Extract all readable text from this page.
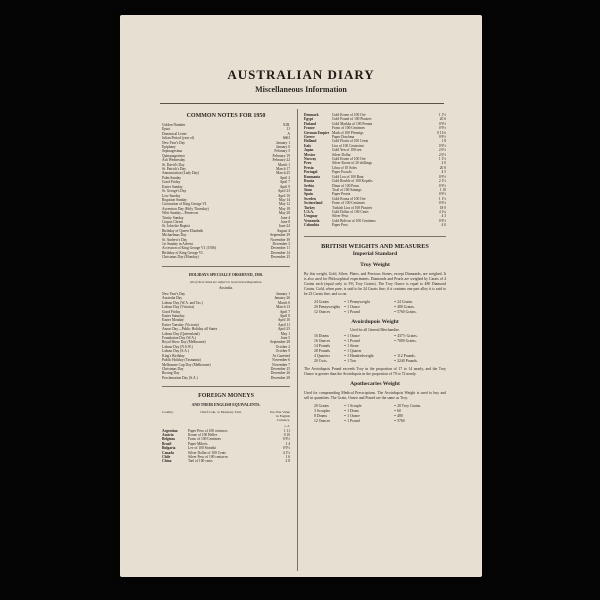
AUSTRALIAN DIARY
Miscellaneous Information
COMMON NOTES FOR 1950
Golden Number	XIII.
Epact	11
Dominical Letter	A
Julian Period (year of)	6663
New Year's Day	January 1
Epiphany	January 6
Septuagesima	February 5
Quinquagesima	February 19
Ash Wednesday	February 22
St. David's Day	March 1
St. Patrick's Day	March 17
Annunciation (Lady Day)	March 25
Palm Sunday	April 2
Good Friday	April 7
Easter Sunday	April 9
St. George's Day	April 23
Low Sunday	April 16
Rogation Sunday	May 14
Coronation of King George VI.	May 12
Ascension Day (Holy Thursday)	May 18
Whit Sunday—Pentecost	May 28
Trinity Sunday	June 4
Corpus Christi	June 8
St. John the Baptist	June 24
Birthday of Queen Elizabeth	August 4
Michaelmas Day	September 29
St. Andrew's Day	November 30
1st Sunday in Advent	December 3
Accession of King George VI. (1936)	December 11
Birthday of King George VI.	December 14
Christmas Day (Monday)	December 25
HOLIDAYS SPECIALLY OBSERVED, 1950.
All of these listed are subject to Government Regulation.
Australia.
New Year's Day	January 1
Australia Day	January 26
Labour Day (W.A. and Tas.)	March 6
Labour Day (Victoria)	March 13
Good Friday	April 7
Easter Saturday	April 8
Easter Monday	April 10
Easter Tuesday (Victoria)	April 11
Anzac Day—Public Holiday all States	April 25
Labour Day (Queensland)	May 1
Foundation Day (W.A.)	June 5
Royal Show Day (Melbourne)	September 28
Labour Day (N.S.W.)	October 2
Labour Day (S.A.)	October 9
King's Birthday	As Gazetted
Public Holiday (Tasmania)	November 6
Melbourne Cup Day (Melbourne)	November 7
Christmas Day	December 25
Boxing Day	December 26
Proclamation Day (S.A.)	December 28
FOREIGN MONEYS
AND THEIR ENGLISH EQUIVALENTS.
Country.	Chief Coin, or Monetary Unit.	Pre-War Value in English Currency.
s. d.
Argentina	Paper Peso of 100 centavos	1 11
Austria	Krone of 100 Heller	0 10
Belgium	Franc of 100 Centimes	0 9½
Brazil	Paper Milreis	1 4
Bulgaria	Lev of 100 Stotinki	0 9½
Canada	Silver Dollar of 100 Cents	4 1½
Chile	Silver Peso of 100 centavos	1 6
China	Tael of 100 cents	2 8
Denmark	Gold Krone of 100 Ore	1 1½
Egypt	Gold Pound of 100 Piastres	20 6
Finland	Gold Markka of 100 Pennia	0 9½
France	Franc of 100 Centimes	0 9½
German Empire Mark of 100 Pfennigs	0 11¾
Greece	Paper Drachma	0 9½
Holland	Gold Florin of 100 Cents	1 8
Italy	Lira of 100 Centesimi	0 9½
Japan	Gold Yen of 100 sen	2 0½
Mexico	Silver Dollar	2 0½
Norway	Gold Krone of 100 Ore	1 1½
Peru	Silver Krone of 20 shillings	2 0
Persia	Libra of 10 Soles	20 0
Portugal	Paper Escudo	4 5
Roumania	Gold Leu of 100 Bani	0 9½
Russia	Gold Rouble of 100 Kopeks	2 1½
Serbia	Dinar of 100 Paras	0 9½
Siam	Tical of 100 Satangs	1 10
Spain	Paper Peseta	0 9½
Sweden	Gold Krona of 100 Ore	1 1½
Switzerland	Franc of 100 Centimes	0 9½
Turkey	Turkish Lira of 100 Piastres	18 0
U.S.A.	Gold Dollar of 100 Cents	4 1¼
Uruguay	Silver Peso	4 3
Venezuela	Gold Bolivar of 100 Centimos	0 9½
Colombia	Paper Peso	4 0
BRITISH WEIGHTS AND MEASURES
Imperial Standard
Troy Weight
By this weight, Gold, Silver, Plates, and Precious Stones, except Diamonds, are weighed. It is also used for Philosophical experiments. Diamonds and Pearls are weighed by Carats of 4 Grains each (equal only to 3⅕ Troy Grains). The Troy Ounce is equal to 480 Diamond Grains. Gold, when pure, is said to be 24 Carats fine; if it contains one part alloy it is said to be 23 Carats fine, and so on.
24 Grains	= 1 Pennyweight	= 24 Grains.
20 Pennyweights = 1 Ounce	= 480 Grains.
12 Ounces	= 1 Pound	= 5760 Grains.
Avoirdupois Weight
Used for all General Merchandise.
16 Drams	= 1 Ounce	= 437½ Grains.
16 Ounces	= 1 Pound	= 7000 Grains.
14 Pounds	= 1 Stone
28 Pounds	= 1 Quarter
4 Quarters	= 1 Hundredweight	= 112 Pounds.
20 Cwts.	= 1 Ton	= 2240 Pounds.
The Avoirdupois Pound exceeds Troy in the proportion of 17 to 14 nearly, and the Troy Ounce is greater than the Avoirdupois in the proportion of 79 to 72 nearly.
Apothecaries Weight
Used for compounding Medical Prescriptions. The Avoirdupois Weight is used to buy and sell in quantities. The Grain, Ounce and Pound are the same as Troy.
20 Grains	= 1 Scruple	= 20 Troy Grains.
3 Scruples	= 1 Dram	= 60
8 Drams	= 1 Ounce	= 480
12 Ounces	= 1 Pound	= 5760
